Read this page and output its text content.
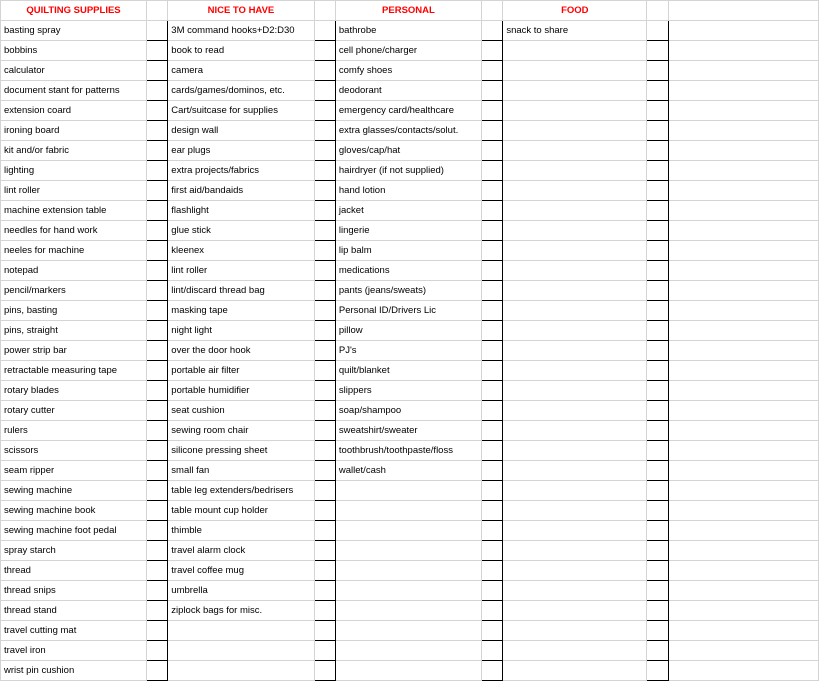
QUILTING SUPPLIES		NICE TO HAVE		PERSONAL		FOOD		
basting spray		3M command hooks+D2:D30		bathrobe		snack to share		
bobbins		book to read		cell phone/charger				
calculator		camera		comfy shoes				
document stant for patterns		cards/games/dominos, etc.		deodorant				
extension coard		Cart/suitcase for supplies		emergency card/healthcare				
ironing board		design wall		extra glasses/contacts/solut.				
kit and/or fabric		ear plugs		gloves/cap/hat				
lighting		extra projects/fabrics		hairdryer (if not supplied)				
lint roller		first aid/bandaids		hand lotion				
machine extension table		flashlight		jacket				
needles for hand work		glue stick		lingerie				
neeles for machine		kleenex		lip balm				
notepad		lint roller		medications				
pencil/markers		lint/discard thread bag		pants (jeans/sweats)				
pins, basting		masking tape		Personal ID/Drivers Lic				
pins, straight		night light		pillow				
power strip bar		over the door hook		PJ's				
retractable measuring tape		portable air filter		quilt/blanket				
rotary blades		portable humidifier		slippers				
rotary cutter		seat cushion		soap/shampoo				
rulers		sewing room chair		sweatshirt/sweater				
scissors		silicone pressing sheet		toothbrush/toothpaste/floss				
seam ripper		small fan		wallet/cash				
sewing machine		table leg extenders/bedrisers						
sewing machine book		table mount cup holder						
sewing machine foot pedal		thimble						
spray starch		travel alarm clock						
thread		travel coffee mug						
thread snips		umbrella						
thread stand		ziplock bags for misc.						
travel cutting mat								
travel iron								
wrist pin cushion								
